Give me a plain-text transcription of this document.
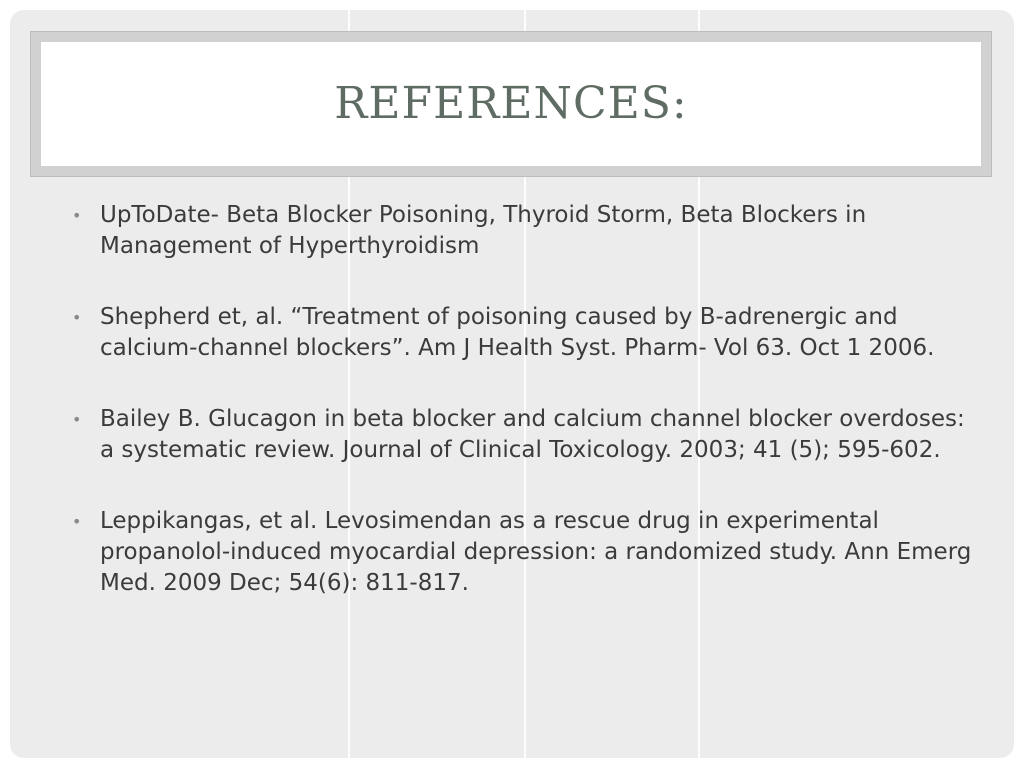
REFERENCES:
• UpToDate- Beta Blocker Poisoning, Thyroid Storm, Beta Blockers in Management of Hyperthyroidism
• Shepherd et, al. “Treatment of poisoning caused by B-adrenergic and calcium-channel blockers”. Am J Health Syst. Pharm- Vol 63. Oct 1 2006.
• Bailey B. Glucagon in beta blocker and calcium channel blocker overdoses: a systematic review. Journal of Clinical Toxicology. 2003; 41 (5); 595-602.
• Leppikangas, et al. Levosimendan as a rescue drug in experimental propanolol-induced myocardial depression: a randomized study. Ann Emerg Med. 2009 Dec; 54(6): 811-817.
